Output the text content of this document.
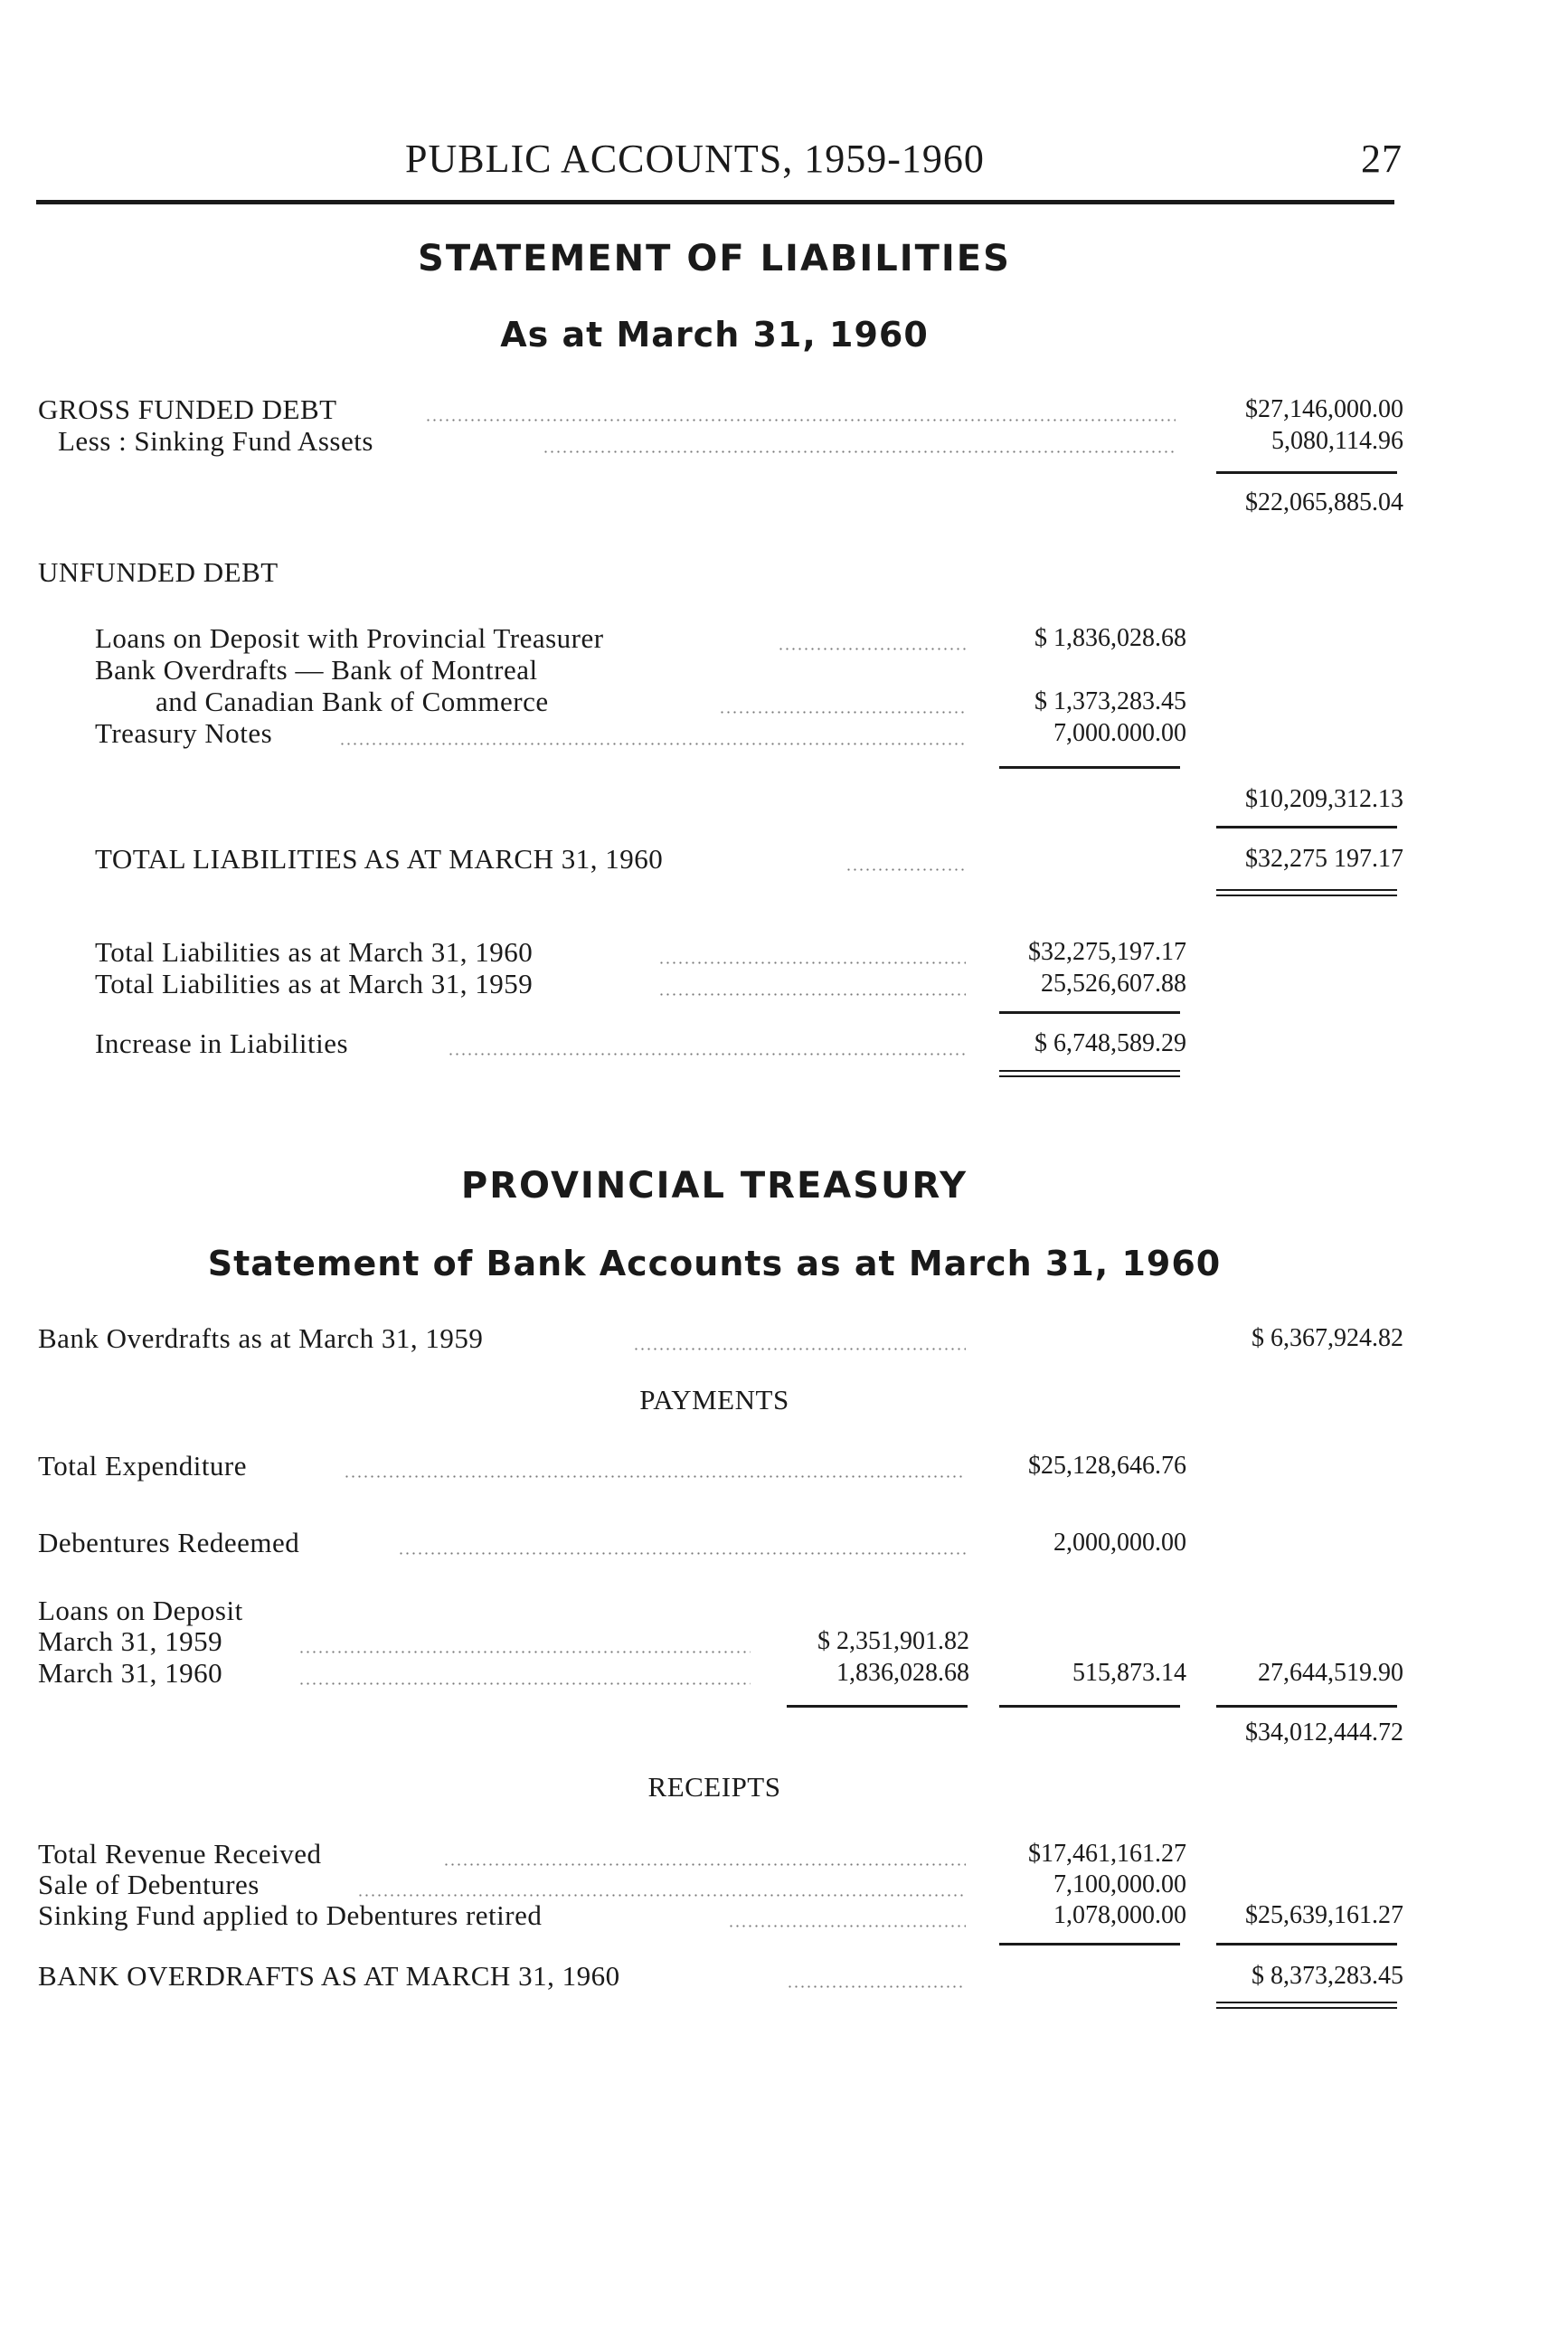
PUBLIC ACCOUNTS, 1959-1960	27
STATEMENT OF LIABILITIES
As at March 31, 1960
GROSS FUNDED DEBT	$27,146,000.00
Less : Sinking Fund Assets	5,080,114.96
$22,065,885.04
UNFUNDED DEBT
Loans on Deposit with Provincial Treasurer	$ 1,836,028.68
Bank Overdrafts — Bank of Montreal
and Canadian Bank of Commerce	$ 1,373,283.45
Treasury Notes	7,000.000.00
$10,209,312.13
TOTAL LIABILITIES AS AT MARCH 31, 1960	$32,275 197.17
Total Liabilities as at March 31, 1960	$32,275,197.17
Total Liabilities as at March 31, 1959	25,526,607.88
Increase in Liabilities	$ 6,748,589.29
PROVINCIAL TREASURY
Statement of Bank Accounts as at March 31, 1960
Bank Overdrafts as at March 31, 1959	$ 6,367,924.82
PAYMENTS
Total Expenditure	$25,128,646.76
Debentures Redeemed	2,000,000.00
Loans on Deposit
March 31, 1959	$ 2,351,901.82
March 31, 1960	1,836,028.68	515,873.14	27,644,519.90
$34,012,444.72
RECEIPTS
Total Revenue Received	$17,461,161.27
Sale of Debentures	7,100,000.00
Sinking Fund applied to Debentures retired	1,078,000.00	$25,639,161.27
BANK OVERDRAFTS AS AT MARCH 31, 1960	$ 8,373,283.45
